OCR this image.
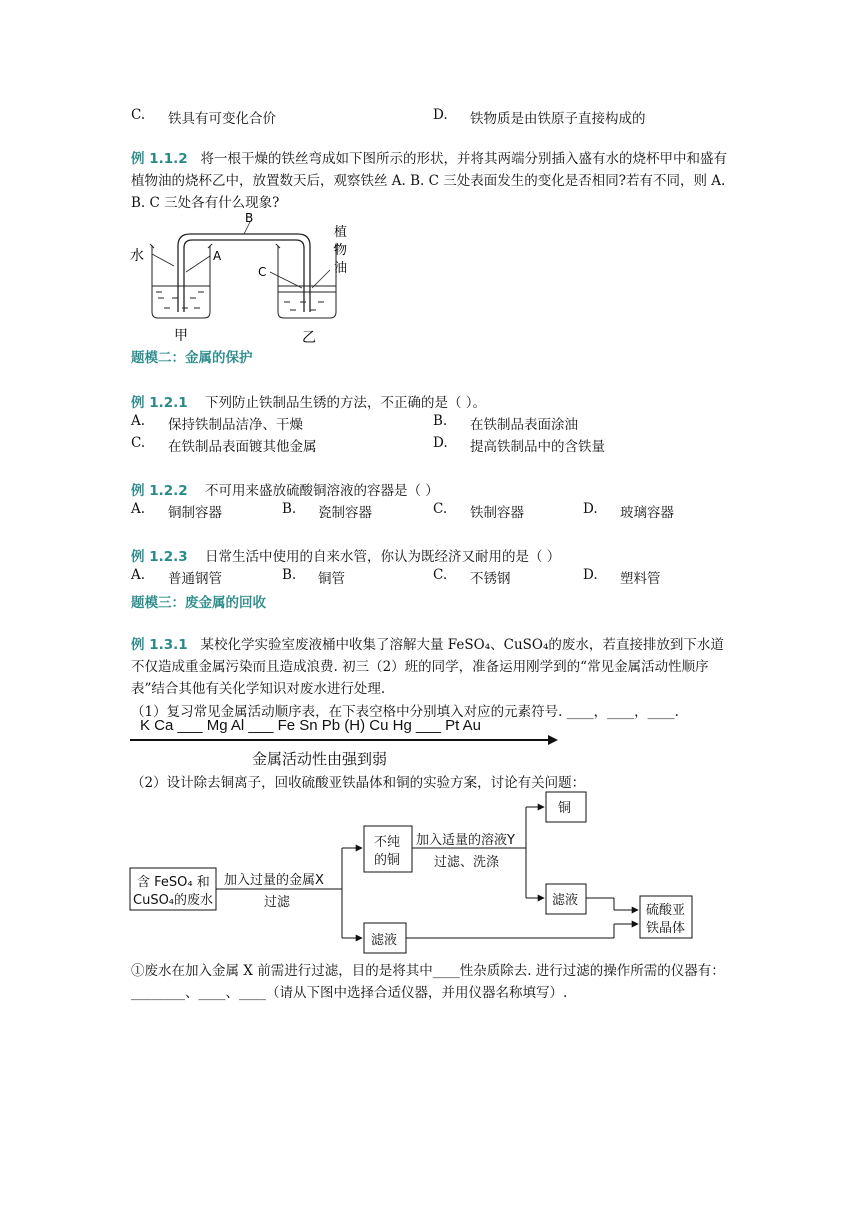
C. 铁具有可变化合价	D. 铁物质是由铁原子直接构成的
例 1.1.2 将一根干燥的铁丝弯成如下图所示的形状，并将其两端分别插入盛有水的烧杯甲中和盛有植物油的烧杯乙中，放置数天后，观察铁丝 A. B. C 三处表面发生的变化是否相同?若有不同，则 A. B. C 三处各有什么现象?
水	A
B
C
植
物
油
甲	乙
题模二：金属的保护
例 1.2.1 下列防止铁制品生锈的方法，不正确的是（ ）。
A. 保持铁制品洁净、干燥	B. 在铁制品表面涂油
C. 在铁制品表面镀其他金属	D. 提高铁制品中的含铁量
例 1.2.2 不可用来盛放硫酸铜溶液的容器是（ ）
A. 铜制容器	B. 瓷制容器	C. 铁制容器	D. 玻璃容器
例 1.2.3 日常生活中使用的自来水管，你认为既经济又耐用的是（ ）
A. 普通钢管	B. 铜管	C. 不锈钢	D. 塑料管
题模三：废金属的回收
例 1.3.1 某校化学实验室废液桶中收集了溶解大量 FeSO₄、CuSO₄的废水，若直接排放到下水道不仅造成重金属污染而且造成浪费. 初三（2）班的同学，准备运用刚学到的“常见金属活动性顺序表”结合其他有关化学知识对废水进行处理.
（1）复习常见金属活动顺序表，在下表空格中分别填入对应的元素符号. ____，____，____.
K Ca ___ Mg Al ___ Fe Sn Pb (H) Cu Hg ___ Pt Au
金属活动性由强到弱
（2）设计除去铜离子，回收硫酸亚铁晶体和铜的实验方案，讨论有关问题：
含 FeSO₄ 和
CuSO₄的废水
加入过量的金属X
过滤
不纯
的铜
加入适量的溶液Y
过滤、洗涤
铜
滤液
滤液
硫酸亚
铁晶体
①废水在加入金属 X 前需进行过滤，目的是将其中____性杂质除去. 进行过滤的操作所需的仪器有：________、____、____（请从下图中选择合适仪器，并用仪器名称填写）.
